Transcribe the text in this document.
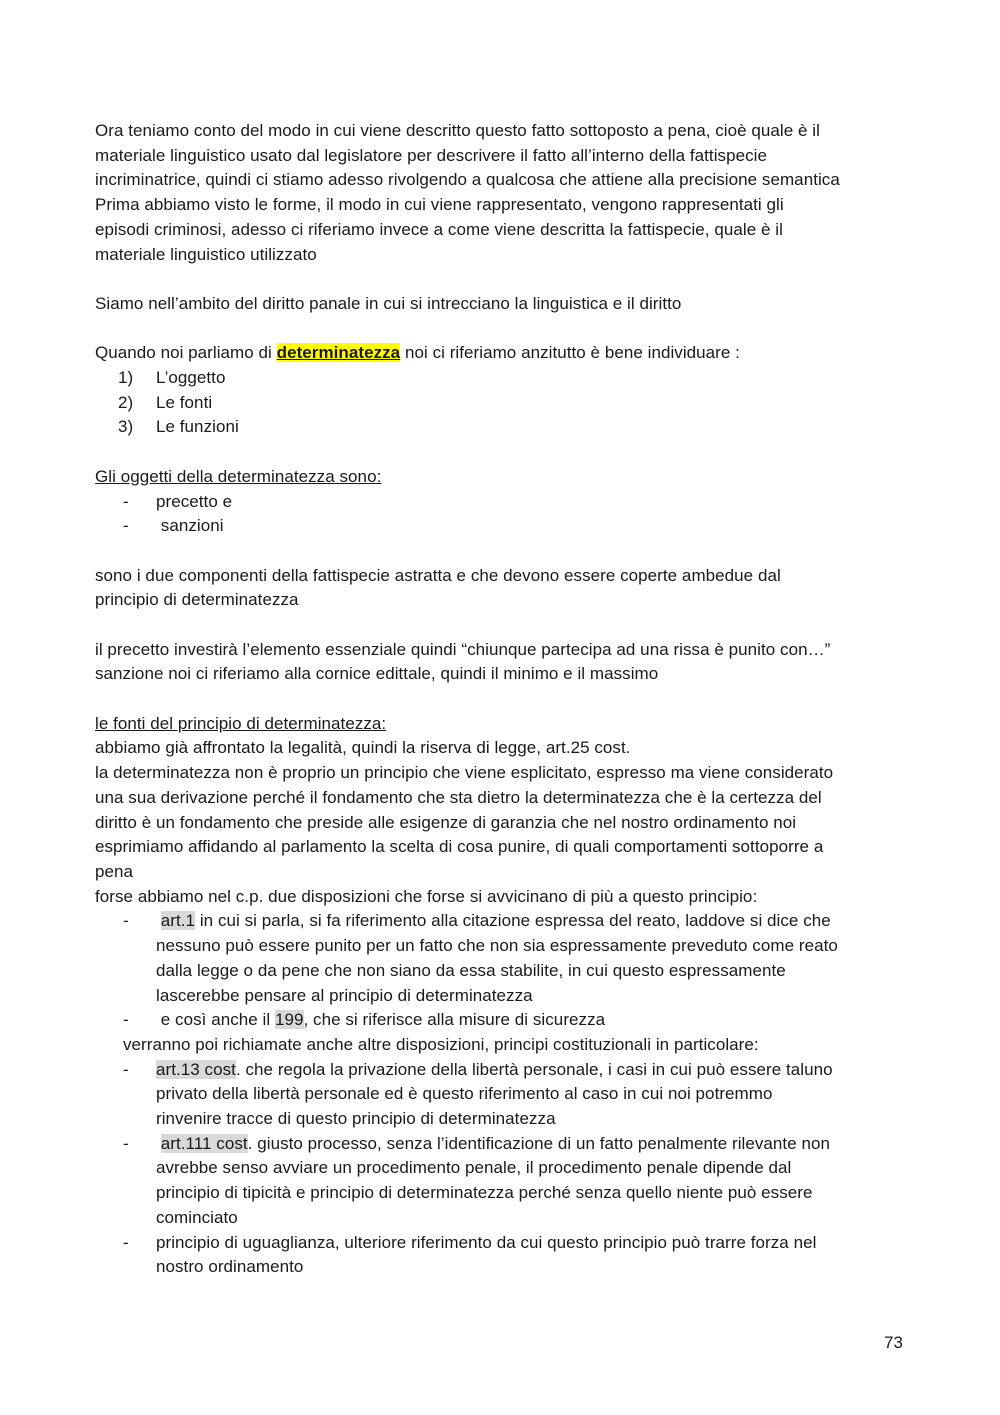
Ora teniamo conto del modo in cui viene descritto questo fatto sottoposto a pena, cioè quale è il

materiale linguistico usato dal legislatore per descrivere il fatto all’interno della fattispecie

incriminatrice, quindi ci stiamo adesso rivolgendo a qualcosa che attiene alla precisione semantica

Prima abbiamo visto le forme, il modo in cui viene rappresentato, vengono rappresentati gli

episodi criminosi, adesso ci riferiamo invece a come viene descritta la fattispecie, quale è il

materiale linguistico utilizzato

Siamo nell’ambito del diritto panale in cui si intrecciano la linguistica e il diritto

Quando noi parliamo di determinatezza noi ci riferiamo anzitutto è bene individuare :

1) L’oggetto

2) Le fonti

3) Le funzioni

Gli oggetti della determinatezza sono:

-	precetto e
-	sanzioni

sono i due componenti della fattispecie astratta e che devono essere coperte ambedue dal

principio di determinatezza

il precetto investirà l’elemento essenziale quindi “chiunque partecipa ad una rissa è punito con…”

sanzione noi ci riferiamo alla cornice edittale, quindi il minimo e il massimo

le fonti del principio di determinatezza:

abbiamo già affrontato la legalità, quindi la riserva di legge, art.25 cost.

la determinatezza non è proprio un principio che viene esplicitato, espresso ma viene considerato

una sua derivazione perché il fondamento che sta dietro la determinatezza che è la certezza del

diritto è un fondamento che preside alle esigenze di garanzia che nel nostro ordinamento noi

esprimiamo affidando al parlamento la scelta di cosa punire, di quali comportamenti sottoporre a

pena

forse abbiamo nel c.p. due disposizioni che forse si avvicinano di più a questo principio:

-	art.1 in cui si parla, si fa riferimento alla citazione espressa del reato, laddove si dice che

nessuno può essere punito per un fatto che non sia espressamente preveduto come reato

dalla legge o da pene che non siano da essa stabilite, in cui questo espressamente

lascerebbe pensare al principio di determinatezza

-	e così anche il 199, che si riferisce alla misure di sicurezza

verranno poi richiamate anche altre disposizioni, principi costituzionali in particolare:

-	art.13 cost. che regola la privazione della libertà personale, i casi in cui può essere taluno

privato della libertà personale ed è questo riferimento al caso in cui noi potremmo

rinvenire tracce di questo principio di determinatezza

-	art.111 cost. giusto processo, senza l’identificazione di un fatto penalmente rilevante non

avrebbe senso avviare un procedimento penale, il procedimento penale dipende dal

principio di tipicità e principio di determinatezza perché senza quello niente può essere

cominciato

-	principio di uguaglianza, ulteriore riferimento da cui questo principio può trarre forza nel

nostro ordinamento

73
